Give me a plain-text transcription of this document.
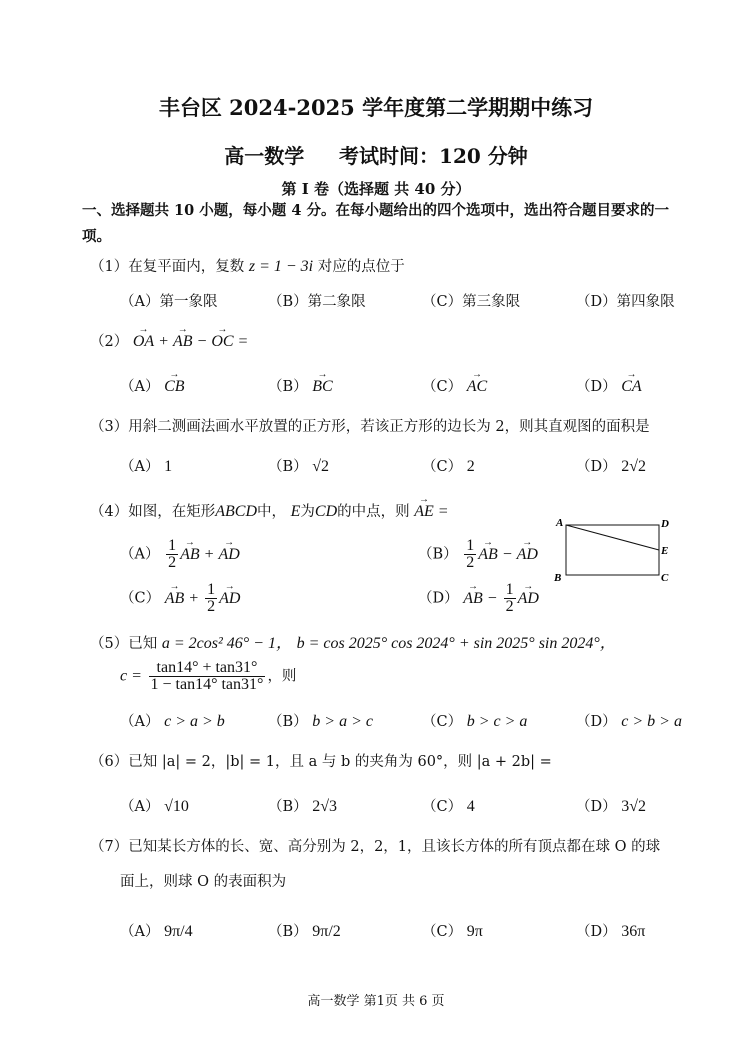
丰台区 2024-2025 学年度第二学期期中练习
高一数学 考试时间：120 分钟
第 I 卷（选择题 共 40 分）
一、选择题共 10 小题，每小题 4 分。在每小题给出的四个选项中，选出符合题目要求的一项。
（1）在复平面内，复数 z = 1 − 3i 对应的点位于
（A）第一象限	（B）第二象限	（C）第三象限	（D）第四象限
（2） OA → + AB → − OC → =
（A） CB →	（B） BC →	（C） AC →	（D） CA →
（3）用斜二测画法画水平放置的正方形，若该正方形的边长为 2，则其直观图的面积是
（A） 1	（B） √2	（C） 2	（D） 2√2
（4）如图，在矩形ABCD中， E为CD的中点，则 AE → =
$(A) \frac{1}{2}$ AB → + AD →	$(B) \frac{1}{2}$ AB → − AD →
（C） AB → + $\frac{1}{2}$ AD →	（D） AB → − $\frac{1}{2}$ AD →
A	D
E
B	C
（5）已知 a = 2cos² 46° − 1， b = cos 2025° cos 2024° + sin 2025° sin 2024°，
$c = \frac{\tan 14^\circ + \tan 31^\circ}{1 - \tan 14^\circ \tan 31^\circ}$ ，则
（A） c > a > b	（B） b > a > c	（C） b > c > a	（D） c > b > a
（6）已知 |a| = 2，|b| = 1，且 a 与 b 的夹角为 60°，则 |a + 2b| =
（A） √10	（B） 2√3	（C） 4	（D） 3√2
（7）已知某长方体的长、宽、高分别为 2，2，1，且该长方体的所有顶点都在球 O 的球
面上，则球 O 的表面积为
（A） 9π/4	（B） 9π/2	（C） 9π	（D） 36π
高一数学 第1页 共 6 页
